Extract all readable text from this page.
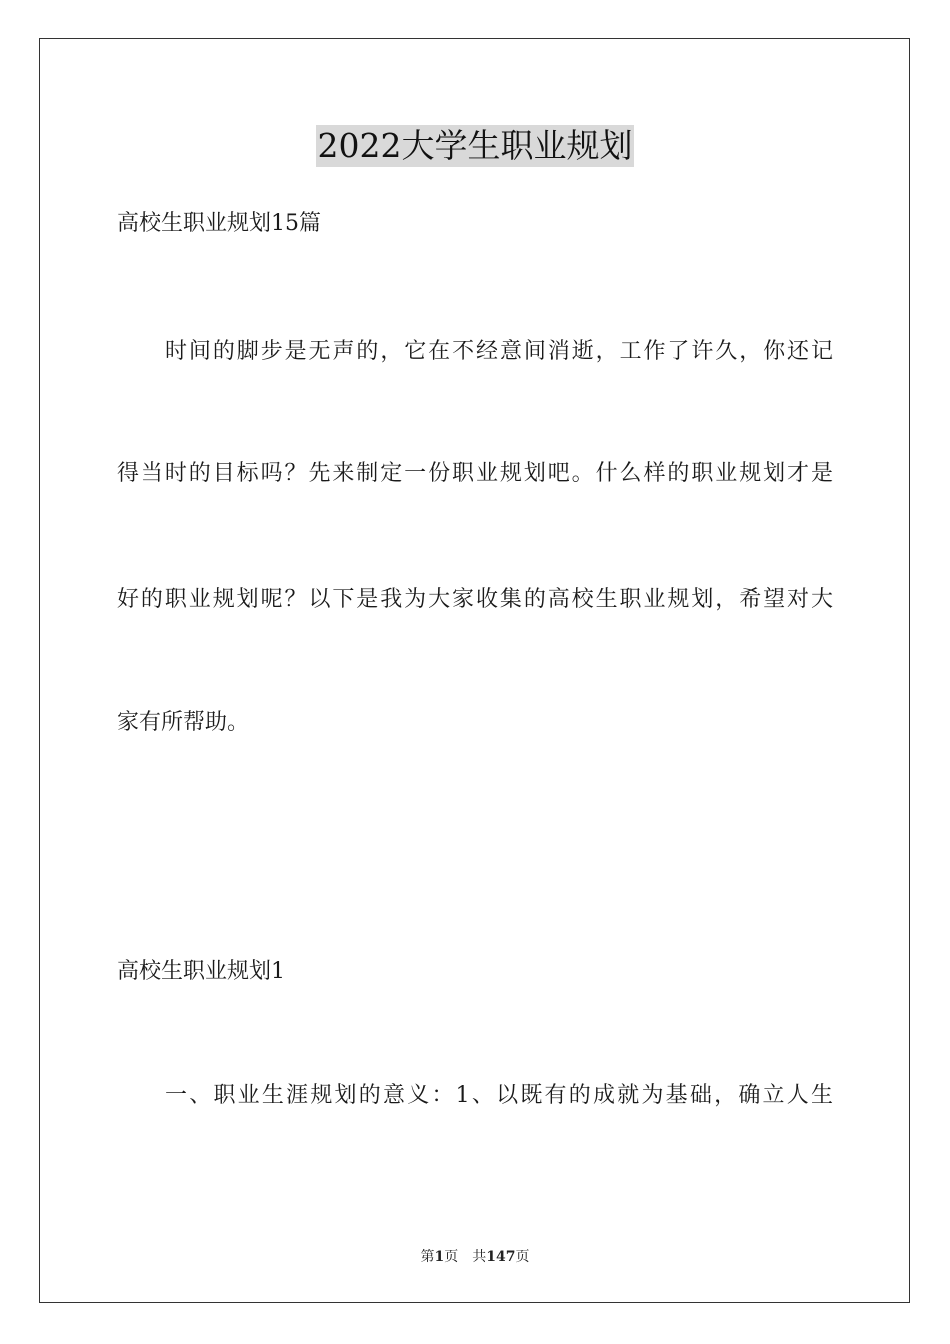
2022大学生职业规划
高校生职业规划15篇
时间的脚步是无声的，它在不经意间消逝，工作了许久，你还记
得当时的目标吗？先来制定一份职业规划吧。什么样的职业规划才是
好的职业规划呢？以下是我为大家收集的高校生职业规划，希望对大
家有所帮助。
高校生职业规划1
一、职业生涯规划的意义：1、以既有的成就为基础，确立人生
第1页 共147页
